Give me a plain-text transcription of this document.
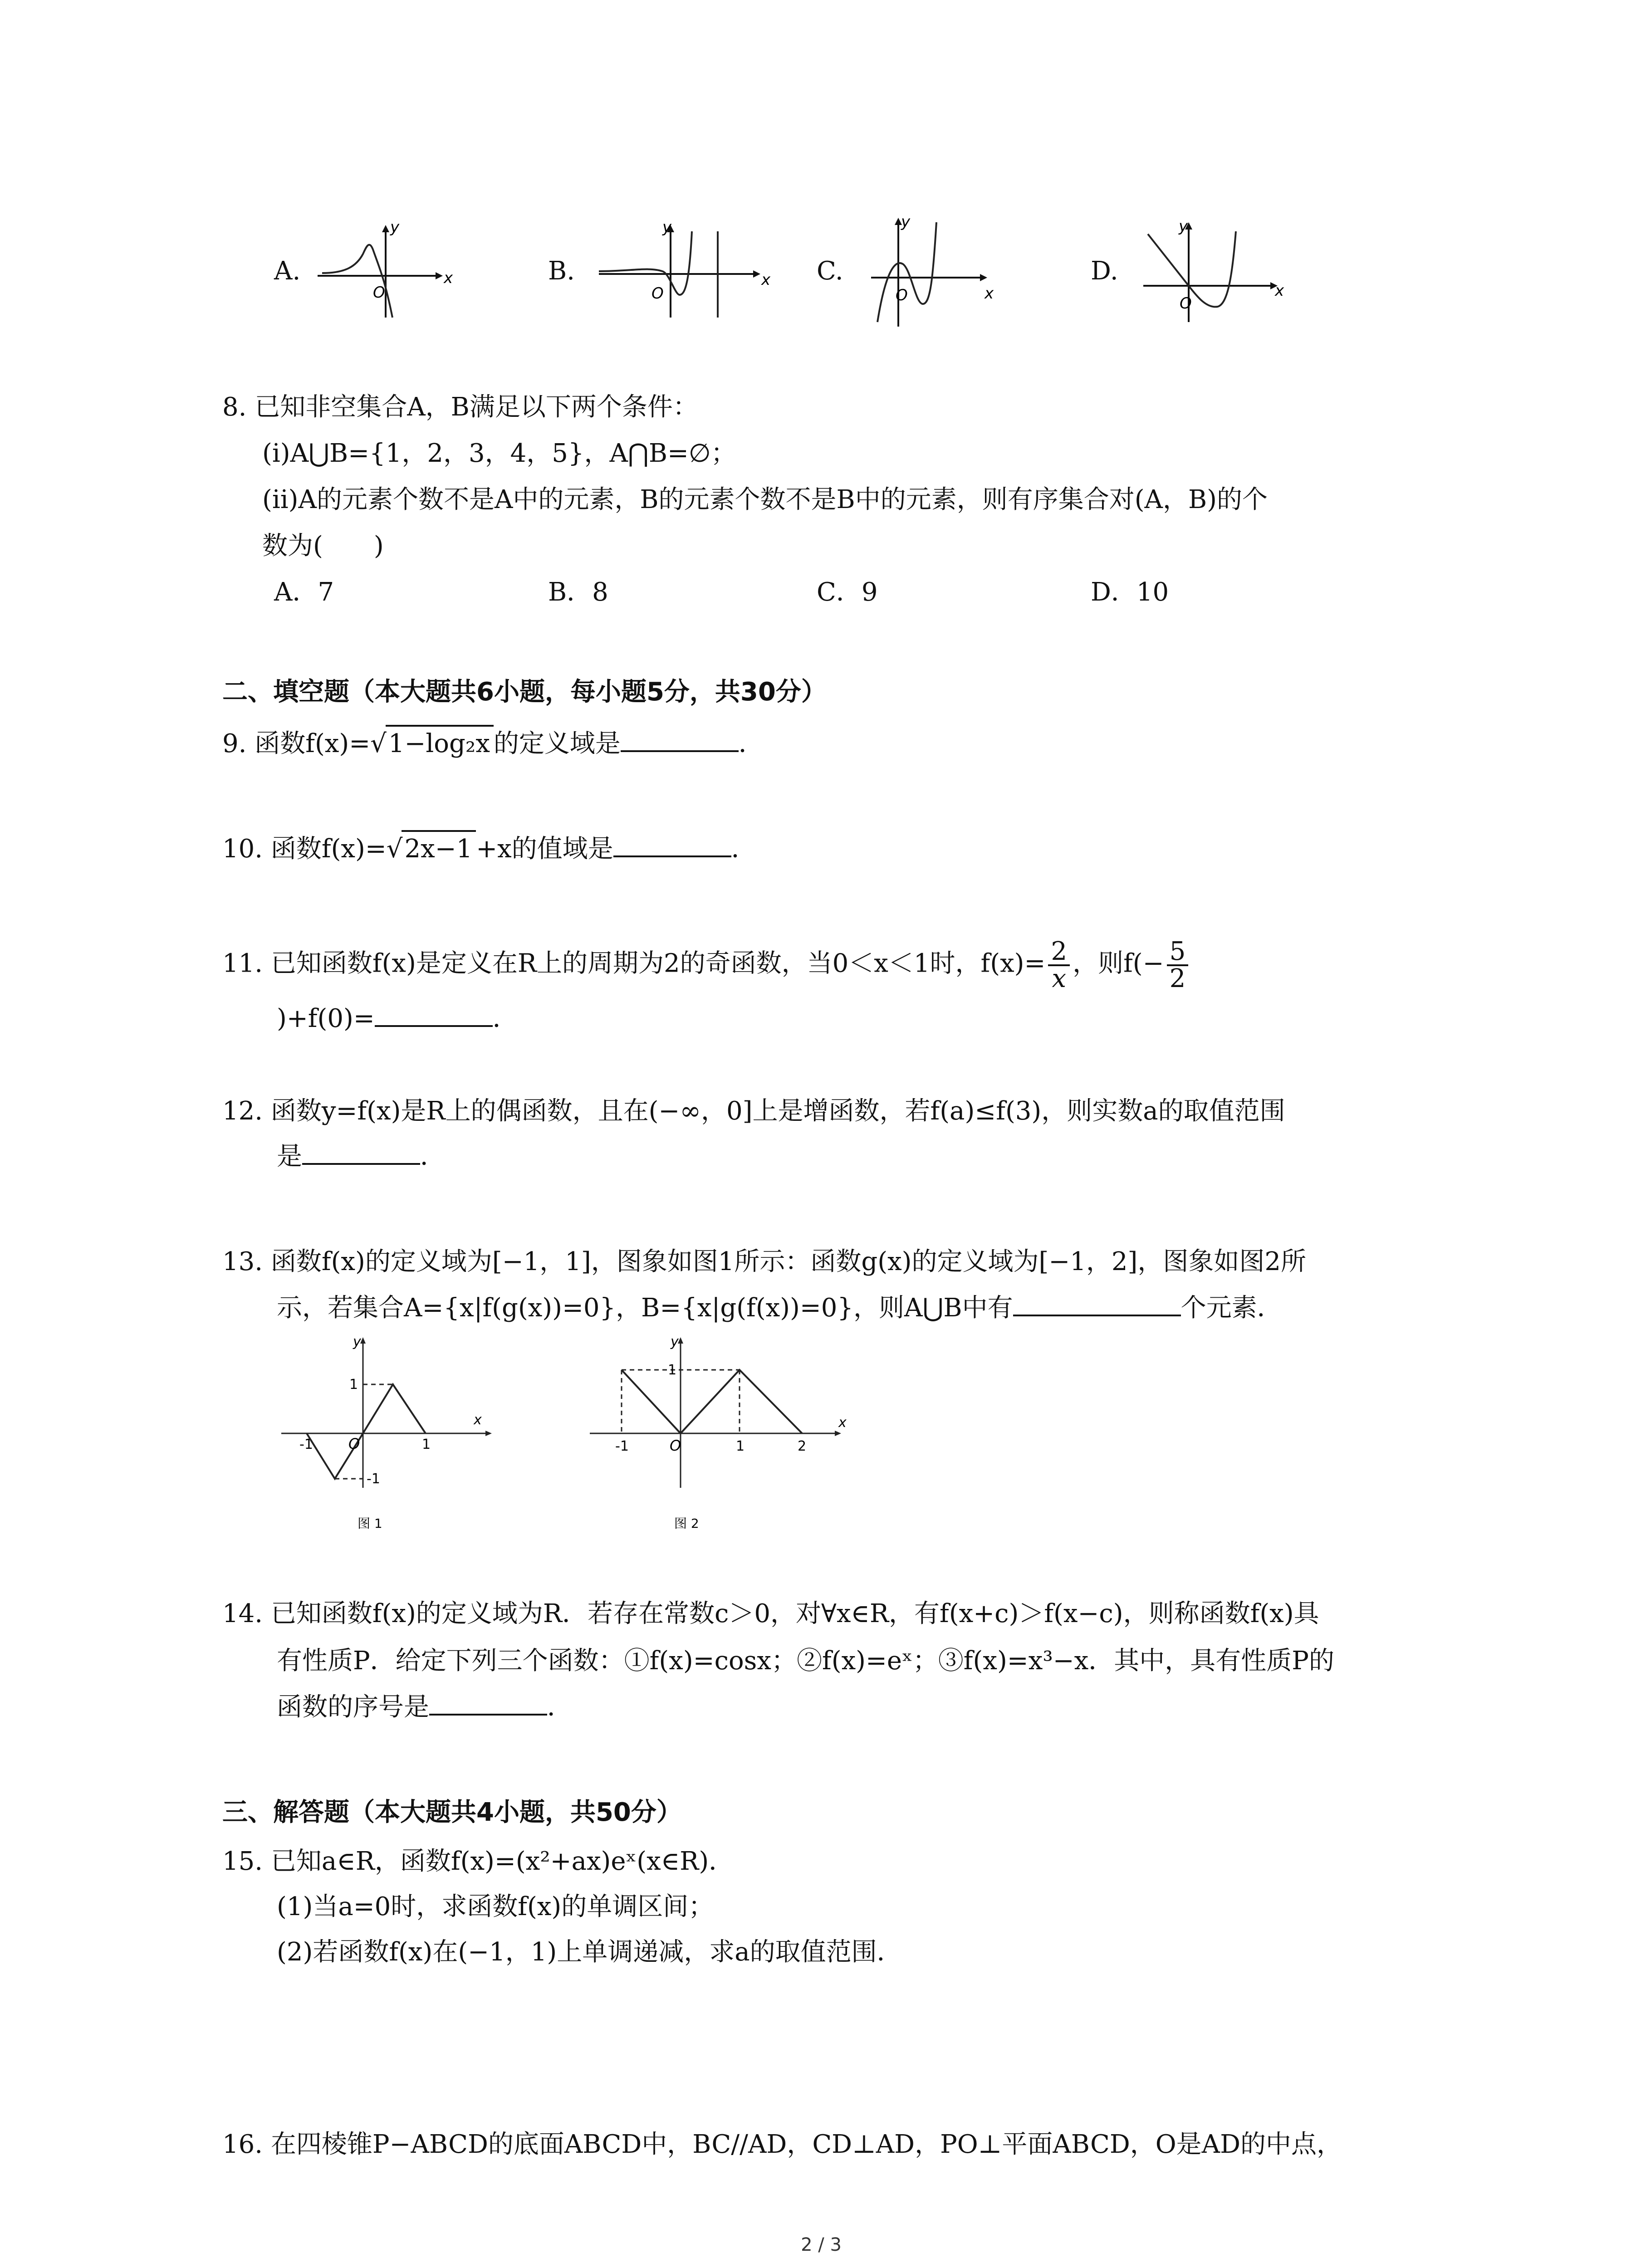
A.
y
x
O
B.
y
x
O
C.
y
x
O
D.
y
x
O
8. 已知非空集合A，B满足以下两个条件：
(i)A⋃B={1，2，3，4，5}，A⋂B=∅；
(ii)A的元素个数不是A中的元素，B的元素个数不是B中的元素，则有序集合对(A，B)的个
数为(　　)
A．7	B．8	C．9	D．10
二、填空题（本大题共6小题，每小题5分，共30分）
9. 函数f(x)=√1−log₂x 的定义域是	．
10. 函数f(x)=√2x−1 +x的值域是	．
11. 已知函数f(x)是定义在R上的周期为2的奇函数，当0＜x＜1时，$f(x)= \frac{2}{x}$ ，则$f(- \frac{5}{2}$
)+f(0)=	．
12. 函数y=f(x)是R上的偶函数，且在(−∞，0]上是增函数，若f(a)≤f(3)，则实数a的取值范围
是	．
13. 函数f(x)的定义域为[−1，1]，图象如图1所示：函数g(x)的定义域为[−1，2]，图象如图2所
示，若集合A={x|f(g(x))=0}，B={x|g(f(x))=0}，则A⋃B中有	个元素．
y
x
O
1
-1
1
-1
图 1
y
x
O
1
-1	1	2
图 2
14. 已知函数f(x)的定义域为R．若存在常数c＞0，对∀x∈R，有f(x+c)＞f(x−c)，则称函数f(x)具
有性质P．给定下列三个函数：①f(x)=cosx；②f(x)=eˣ；③f(x)=x³−x．其中，具有性质P的
函数的序号是	．
三、解答题（本大题共4小题，共50分）
15. 已知a∈R，函数f(x)=(x²+ax)eˣ(x∈R)．
(1)当a=0时，求函数f(x)的单调区间；
(2)若函数f(x)在(−1，1)上单调递减，求a的取值范围．
16. 在四棱锥P−ABCD的底面ABCD中，BC//AD，CD⊥AD，PO⊥平面ABCD，O是AD的中点，
2 / 3
